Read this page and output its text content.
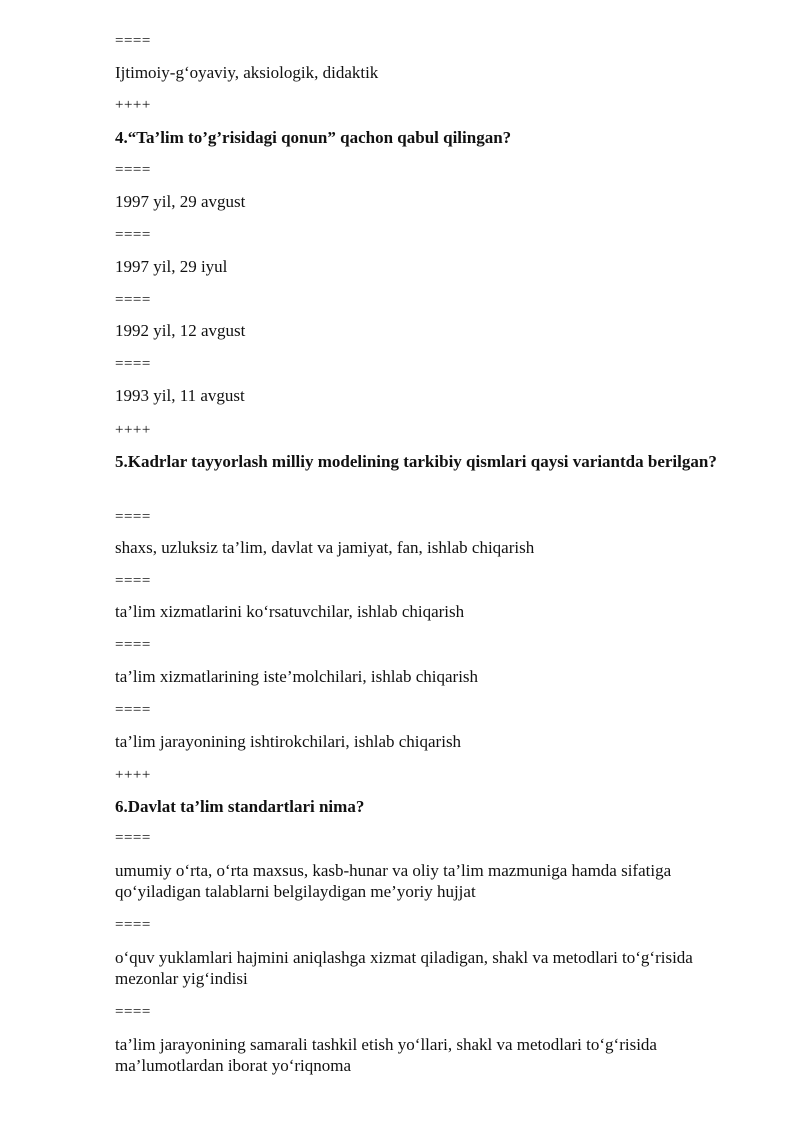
====
Ijtimoiy-g‘oyaviy, aksiologik, didaktik
++++
4.“Ta’lim to’g’risidagi qonun” qachon qabul qilingan?
====
1997 yil, 29 avgust
====
1997 yil, 29 iyul
====
1992 yil, 12 avgust
====
1993 yil, 11 avgust
++++
5.Kadrlar tayyorlash milliy modelining tarkibiy qismlari qaysi variantda berilgan?
====
shaxs, uzluksiz ta’lim, davlat va jamiyat, fan, ishlab chiqarish
====
ta’lim xizmatlarini ko‘rsatuvchilar, ishlab chiqarish
====
ta’lim xizmatlarining iste’molchilari, ishlab chiqarish
====
ta’lim jarayonining ishtirokchilari, ishlab chiqarish
++++
6.Davlat ta’lim standartlari nima?
====
umumiy o‘rta, o‘rta maxsus, kasb-hunar va oliy ta’lim mazmuniga hamda sifatiga qo‘yiladigan talablarni belgilaydigan me’yoriy hujjat
====
o‘quv yuklamlari hajmini aniqlashga xizmat qiladigan, shakl va metodlari to‘g‘risida mezonlar yig‘indisi
====
ta’lim jarayonining samarali tashkil etish yo‘llari, shakl va metodlari to‘g‘risida ma’lumotlardan iborat yo‘riqnoma
